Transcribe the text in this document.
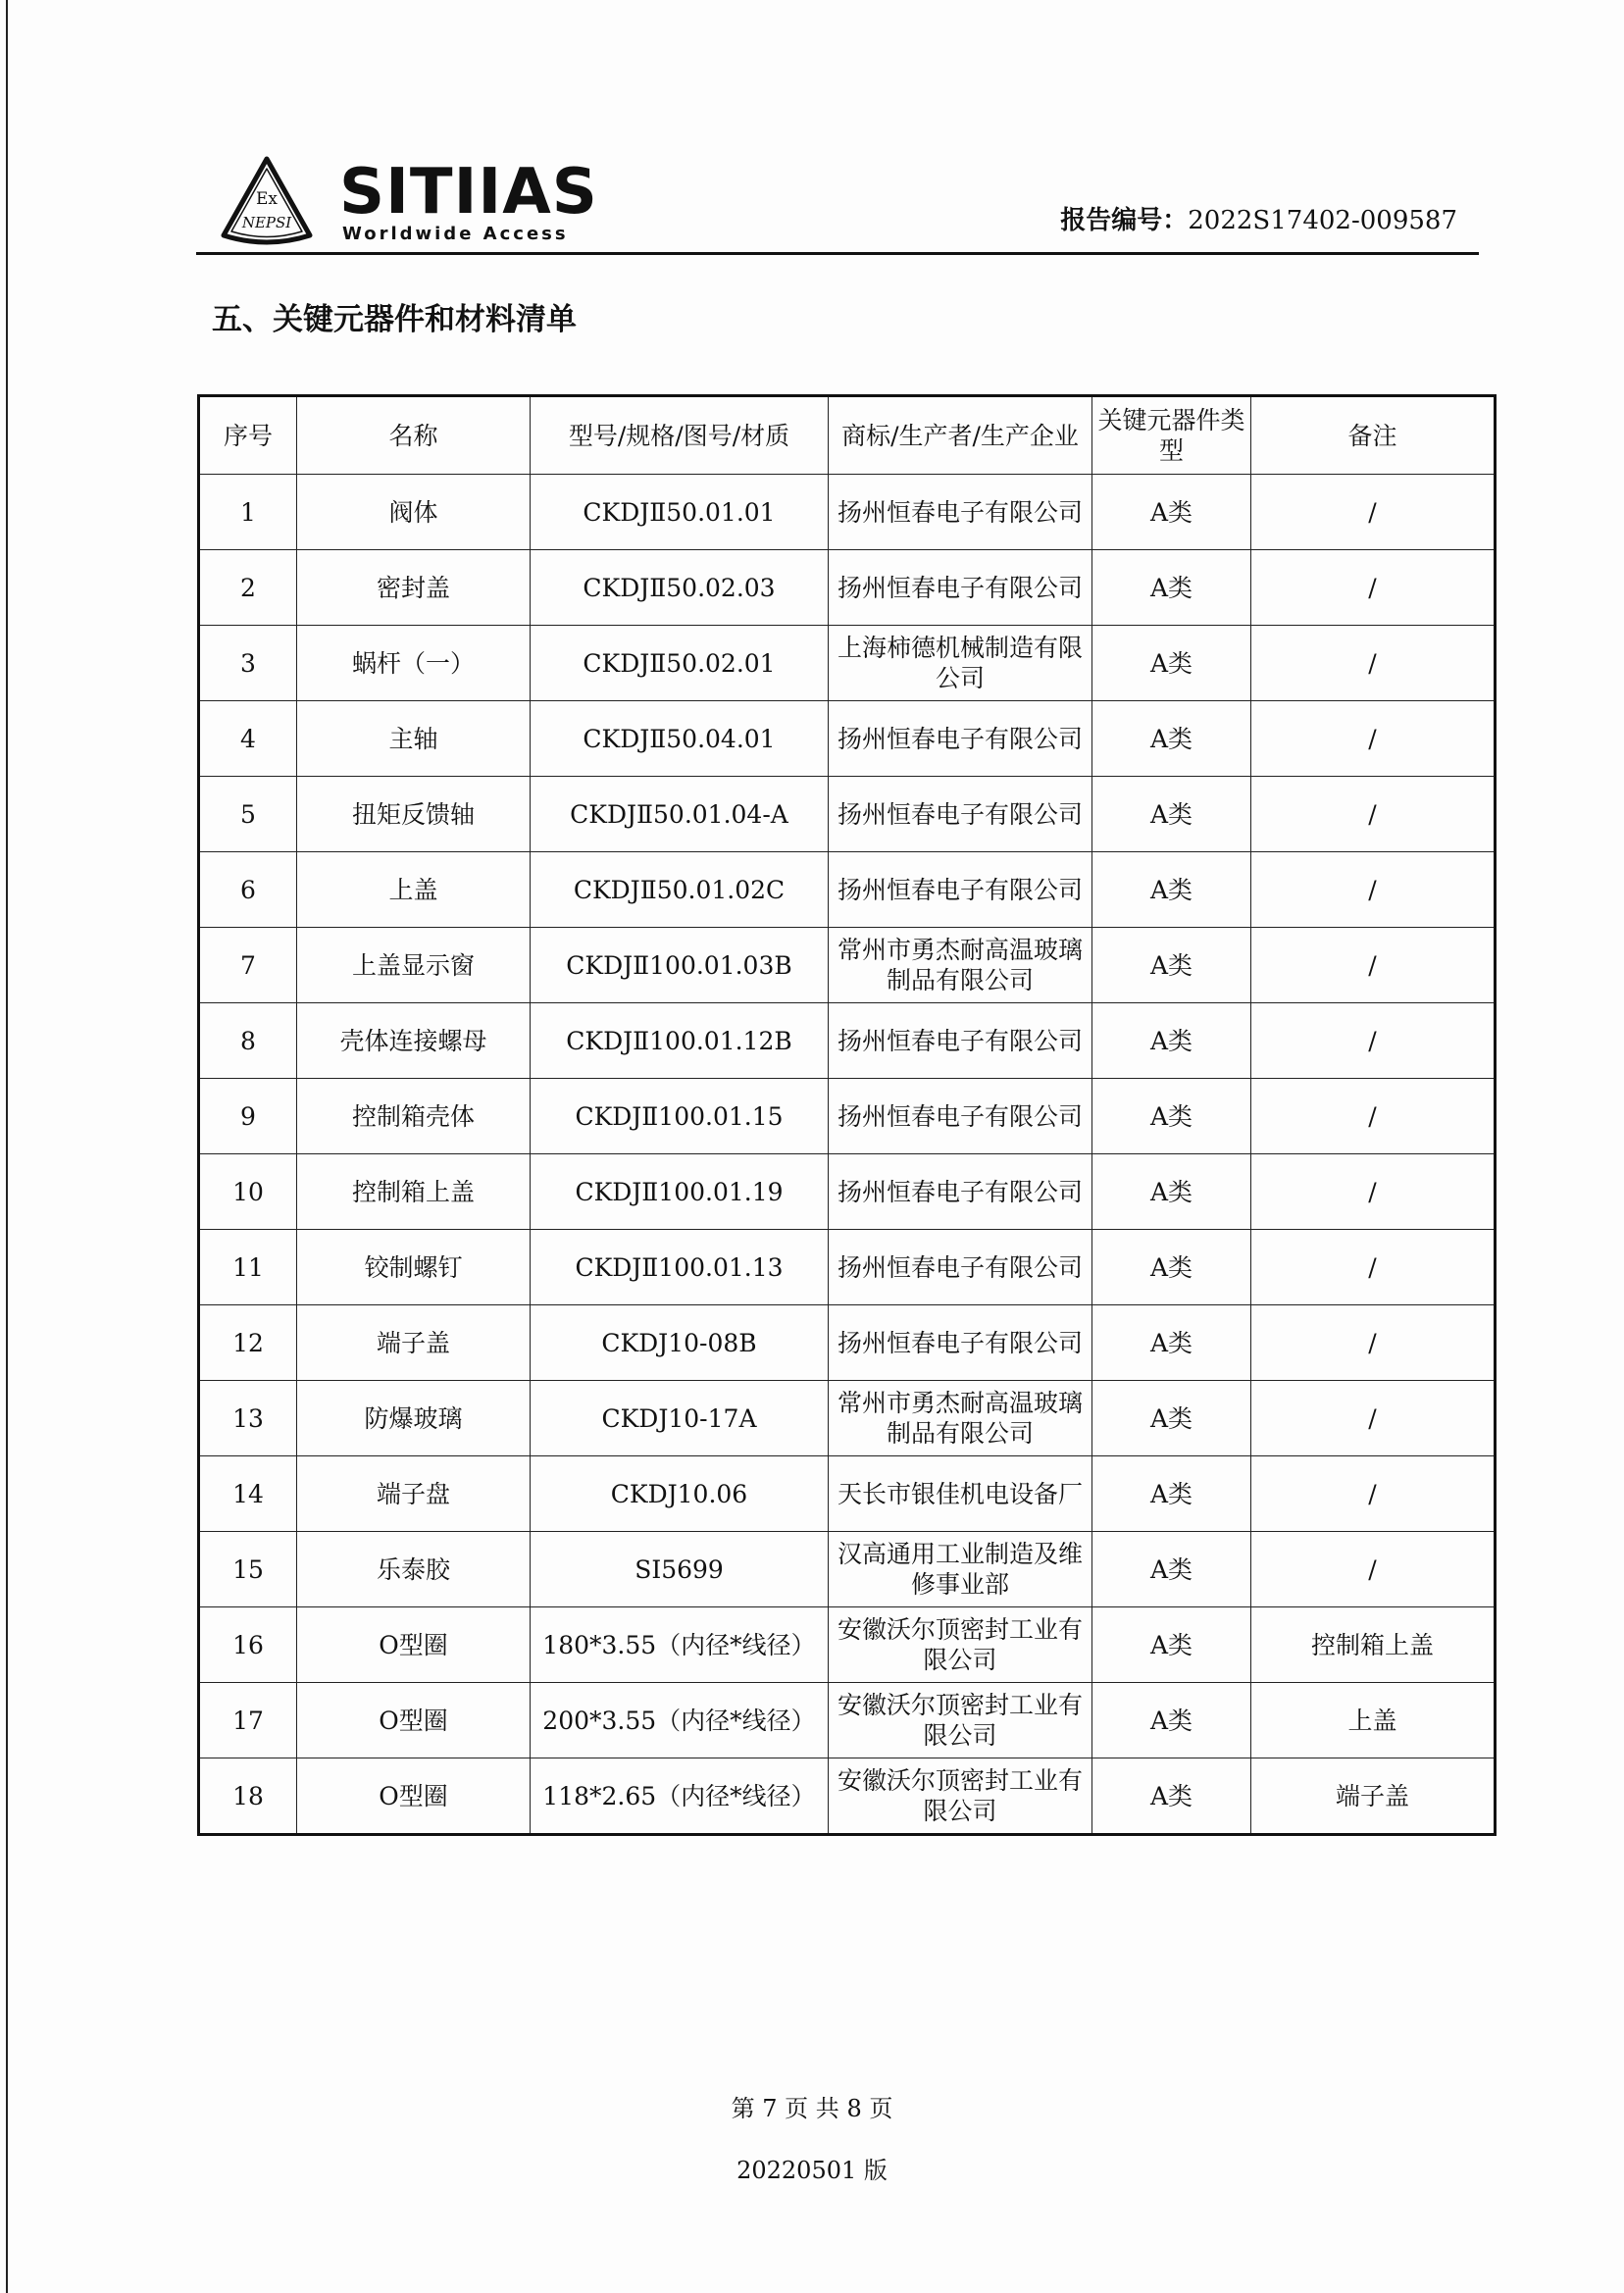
Ex
NEPSI SITIIAS
Worldwide Access	报告编号：2022S17402-009587
五、关键元器件和材料清单
序号	名称	型号/规格/图号/材质	商标/生产者/生产企业	关键元器件类型	备注
1	阀体	CKDJⅡ50.01.01	扬州恒春电子有限公司	A类	/
2	密封盖	CKDJⅡ50.02.03	扬州恒春电子有限公司	A类	/
3	蜗杆（一）	CKDJⅡ50.02.01	上海柿德机械制造有限公司	A类	/
4	主轴	CKDJⅡ50.04.01	扬州恒春电子有限公司	A类	/
5	扭矩反馈轴	CKDJⅡ50.01.04-A	扬州恒春电子有限公司	A类	/
6	上盖	CKDJⅡ50.01.02C	扬州恒春电子有限公司	A类	/
7	上盖显示窗	CKDJⅡ100.01.03B	常州市勇杰耐高温玻璃制品有限公司	A类	/
8	壳体连接螺母	CKDJⅡ100.01.12B	扬州恒春电子有限公司	A类	/
9	控制箱壳体	CKDJⅡ100.01.15	扬州恒春电子有限公司	A类	/
10	控制箱上盖	CKDJⅡ100.01.19	扬州恒春电子有限公司	A类	/
11	铰制螺钉	CKDJⅡ100.01.13	扬州恒春电子有限公司	A类	/
12	端子盖	CKDJ10-08B	扬州恒春电子有限公司	A类	/
13	防爆玻璃	CKDJ10-17A	常州市勇杰耐高温玻璃制品有限公司	A类	/
14	端子盘	CKDJ10.06	天长市银佳机电设备厂	A类	/
15	乐泰胶	SI5699	汉高通用工业制造及维修事业部	A类	/
16	O型圈	180*3.55（内径*线径）	安徽沃尔顶密封工业有限公司	A类	控制箱上盖
17	O型圈	200*3.55（内径*线径）	安徽沃尔顶密封工业有限公司	A类	上盖
18	O型圈	118*2.65（内径*线径）	安徽沃尔顶密封工业有限公司	A类	端子盖
第 7 页 共 8 页
20220501 版
